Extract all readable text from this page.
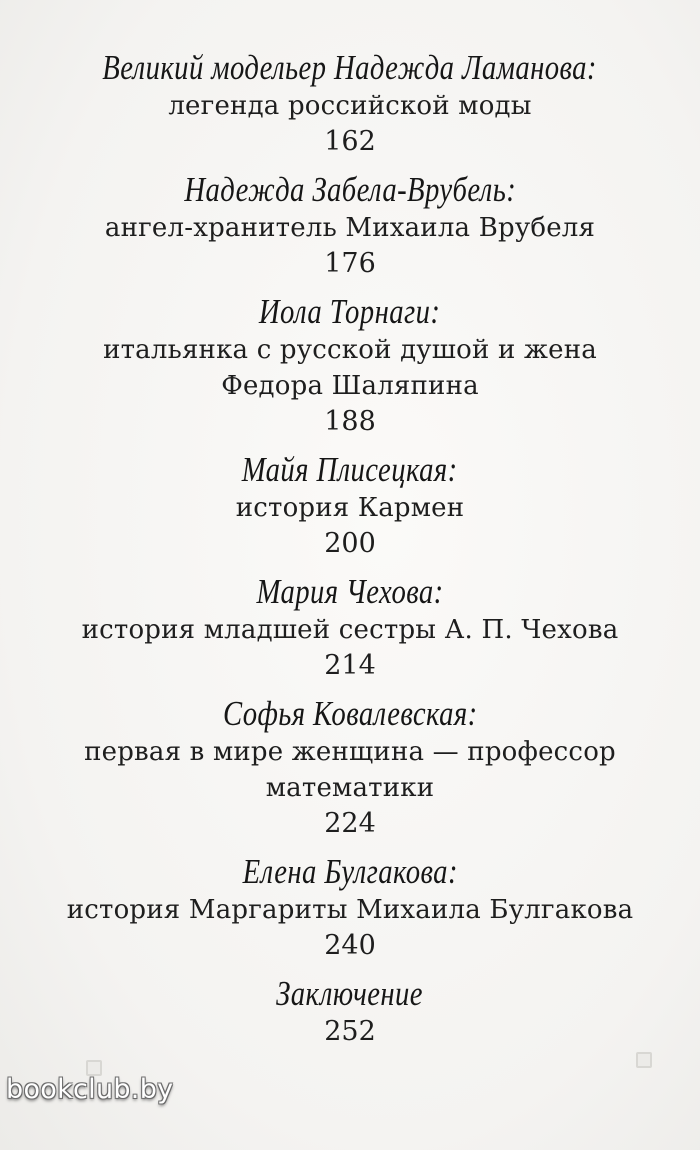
Великий модельер Надежда Ламанова:
легенда российской моды
162
Надежда Забела-Врубель:
ангел-хранитель Михаила Врубеля
176
Иола Торнаги:
итальянка с русской душой и жена
Федора Шаляпина
188
Майя Плисецкая:
история Кармен
200
Мария Чехова:
история младшей сестры А. П. Чехова
214
Софья Ковалевская:
первая в мире женщина — профессор
математики
224
Елена Булгакова:
история Маргариты Михаила Булгакова
240
Заключение
252
bookclub.by
